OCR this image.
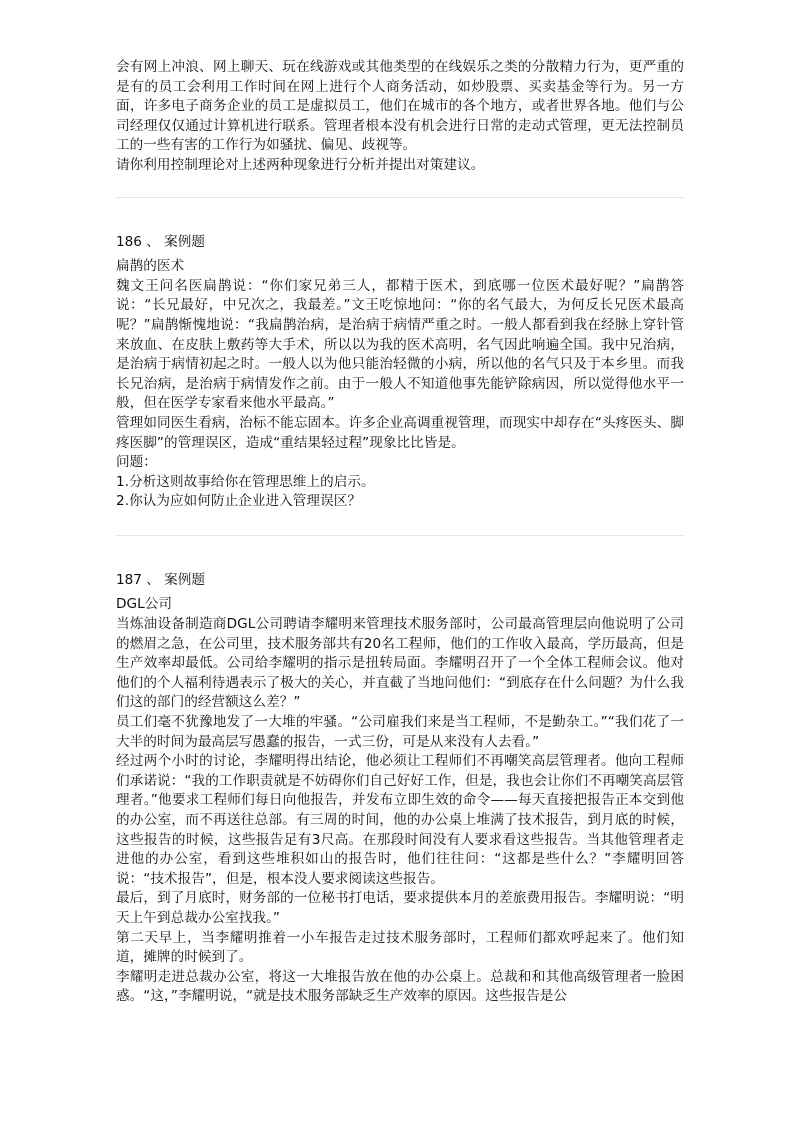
会有网上冲浪、网上聊天、玩在线游戏或其他类型的在线娱乐之类的分散精力行为，更严重的是有的员工会利用工作时间在网上进行个人商务活动，如炒股票、买卖基金等行为。另一方面，许多电子商务企业的员工是虚拟员工，他们在城市的各个地方，或者世界各地。他们与公司经理仅仅通过计算机进行联系。管理者根本没有机会进行日常的走动式管理，更无法控制员工的一些有害的工作行为如骚扰、偏见、歧视等。

请你利用控制理论对上述两种现象进行分析并提出对策建议。

186 、 案例题

扁鹊的医术

魏文王问名医扁鹊说：“你们家兄弟三人，都精于医术，到底哪一位医术最好呢？”扁鹊答说：“长兄最好，中兄次之，我最差。”文王吃惊地问：“你的名气最大，为何反长兄医术最高呢？”扁鹊惭愧地说：“我扁鹊治病，是治病于病情严重之时。一般人都看到我在经脉上穿针管来放血、在皮肤上敷药等大手术，所以以为我的医术高明，名气因此响遍全国。我中兄治病，是治病于病情初起之时。一般人以为他只能治轻微的小病，所以他的名气只及于本乡里。而我长兄治病，是治病于病情发作之前。由于一般人不知道他事先能铲除病因，所以觉得他水平一般，但在医学专家看来他水平最高。”

管理如同医生看病，治标不能忘固本。许多企业高调重视管理，而现实中却存在“头疼医头、脚疼医脚”的管理误区，造成“重结果轻过程”现象比比皆是。

问题：

1.分析这则故事给你在管理思维上的启示。

2.你认为应如何防止企业进入管理误区？

187 、 案例题

DGL公司

当炼油设备制造商DGL公司聘请李耀明来管理技术服务部时，公司最高管理层向他说明了公司的燃眉之急，在公司里，技术服务部共有20名工程师，他们的工作收入最高，学历最高，但是生产效率却最低。公司给李耀明的指示是扭转局面。李耀明召开了一个全体工程师会议。他对他们的个人福利待遇表示了极大的关心，并直截了当地问他们：“到底存在什么问题？为什么我们这的部门的经营额这么差？”

员工们毫不犹豫地发了一大堆的牢骚。“公司雇我们来是当工程师，不是勤杂工。”“我们花了一大半的时间为最高层写愚蠢的报告，一式三份，可是从来没有人去看。”

经过两个小时的讨论，李耀明得出结论，他必须让工程师们不再嘲笑高层管理者。他向工程师们承诺说：“我的工作职责就是不妨碍你们自己好好工作，但是，我也会让你们不再嘲笑高层管理者。”他要求工程师们每日向他报告，并发布立即生效的命令——每天直接把报告正本交到他的办公室，而不再送往总部。有三周的时间，他的办公桌上堆满了技术报告，到月底的时候，这些报告的时候，这些报告足有3尺高。在那段时间没有人要求看这些报告。当其他管理者走进他的办公室，看到这些堆积如山的报告时，他们往往问：“这都是些什么？”李耀明回答说：“技术报告”，但是，根本没人要求阅读这些报告。

最后，到了月底时，财务部的一位秘书打电话，要求提供本月的差旅费用报告。李耀明说：“明天上午到总裁办公室找我。”

第二天早上，当李耀明推着一小车报告走过技术服务部时，工程师们都欢呼起来了。他们知道，摊牌的时候到了。

李耀明走进总裁办公室，将这一大堆报告放在他的办公桌上。总裁和和其他高级管理者一脸困惑。“这，”李耀明说，“就是技术服务部缺乏生产效率的原因。这些报告是公
